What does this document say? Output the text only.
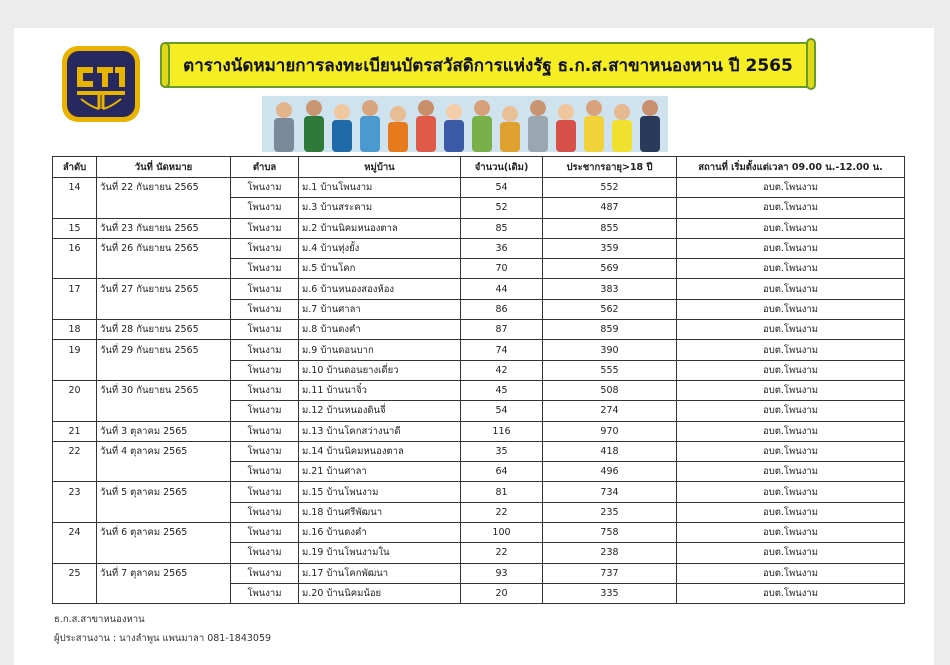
ตารางนัดหมายการลงทะเบียนบัตรสวัสดิการแห่งรัฐ ธ.ก.ส.สาขาหนองหาน ปี 2565
ลำดับ	วันที่ นัดหมาย	ตำบล	หมู่บ้าน	จำนวน(เดิม)	ประชากรอายุ>18 ปี	สถานที่ เริ่มตั้งแต่เวลา 09.00 น.-12.00 น.
14	วันที่ 22 กันยายน 2565	โพนงาม	ม.1 บ้านโพนงาม	54	552	อบต.โพนงาม
		โพนงาม	ม.3 บ้านสระคาม	52	487	อบต.โพนงาม
15	วันที่ 23 กันยายน 2565	โพนงาม	ม.2 บ้านนิคมหนองตาล	85	855	อบต.โพนงาม
16	วันที่ 26 กันยายน 2565	โพนงาม	ม.4 บ้านทุ่งยั้ง	36	359	อบต.โพนงาม
		โพนงาม	ม.5 บ้านโคก	70	569	อบต.โพนงาม
17	วันที่ 27 กันยายน 2565	โพนงาม	ม.6 บ้านหนองสองห้อง	44	383	อบต.โพนงาม
		โพนงาม	ม.7 บ้านศาลา	86	562	อบต.โพนงาม
18	วันที่ 28 กันยายน 2565	โพนงาม	ม.8 บ้านดงคำ	87	859	อบต.โพนงาม
19	วันที่ 29 กันยายน 2565	โพนงาม	ม.9 บ้านดอนบาก	74	390	อบต.โพนงาม
		โพนงาม	ม.10 บ้านดอนยางเดี่ยว	42	555	อบต.โพนงาม
20	วันที่ 30 กันยายน 2565	โพนงาม	ม.11 บ้านนาจิ๋ว	45	508	อบต.โพนงาม
		โพนงาม	ม.12 บ้านหนองดินจี่	54	274	อบต.โพนงาม
21	วันที่ 3 ตุลาคม 2565	โพนงาม	ม.13 บ้านโคกสว่างนาดี	116	970	อบต.โพนงาม
22	วันที่ 4 ตุลาคม 2565	โพนงาม	ม.14 บ้านนิคมหนองตาล	35	418	อบต.โพนงาม
		โพนงาม	ม.21 บ้านศาลา	64	496	อบต.โพนงาม
23	วันที่ 5 ตุลาคม 2565	โพนงาม	ม.15 บ้านโพนงาม	81	734	อบต.โพนงาม
		โพนงาม	ม.18 บ้านศรีพัฒนา	22	235	อบต.โพนงาม
24	วันที่ 6 ตุลาคม 2565	โพนงาม	ม.16 บ้านดงคำ	100	758	อบต.โพนงาม
		โพนงาม	ม.19 บ้านโพนงามใน	22	238	อบต.โพนงาม
25	วันที่ 7 ตุลาคม 2565	โพนงาม	ม.17 บ้านโคกพัฒนา	93	737	อบต.โพนงาม
		โพนงาม	ม.20 บ้านนิคมน้อย	20	335	อบต.โพนงาม
ธ.ก.ส.สาขาหนองหาน
ผู้ประสานงาน : นางลำพูน แพนมาลา 081-1843059
